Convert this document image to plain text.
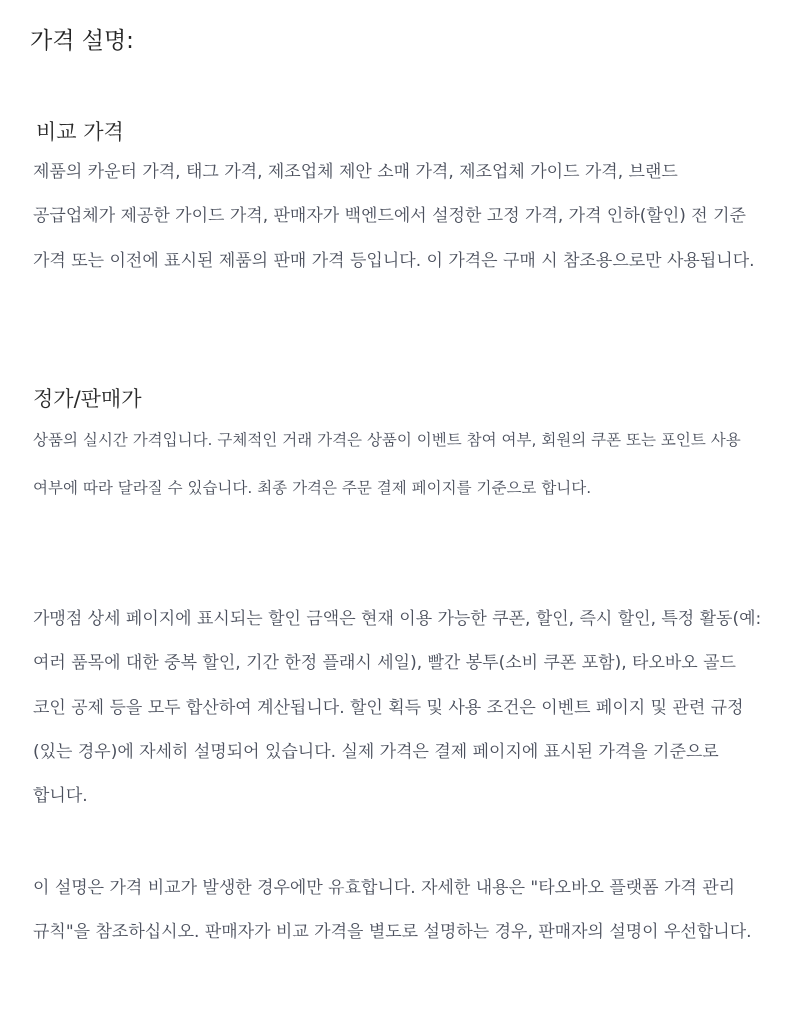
가격 설명:
비교 가격

제품의 카운터 가격, 태그 가격, 제조업체 제안 소매 가격, 제조업체 가이드 가격, 브랜드 공급업체가 제공한 가이드 가격, 판매자가 백엔드에서 설정한 고정 가격, 가격 인하(할인) 전 기준 가격 또는 이전에 표시된 제품의 판매 가격 등입니다. 이 가격은 구매 시 참조용으로만 사용됩니다.

정가/판매가

상품의 실시간 가격입니다. 구체적인 거래 가격은 상품이 이벤트 참여 여부, 회원의 쿠폰 또는 포인트 사용 여부에 따라 달라질 수 있습니다. 최종 가격은 주문 결제 페이지를 기준으로 합니다.

가맹점 상세 페이지에 표시되는 할인 금액은 현재 이용 가능한 쿠폰, 할인, 즉시 할인, 특정 활동(예: 여러 품목에 대한 중복 할인, 기간 한정 플래시 세일), 빨간 봉투(소비 쿠폰 포함), 타오바오 골드 코인 공제 등을 모두 합산하여 계산됩니다. 할인 획득 및 사용 조건은 이벤트 페이지 및 관련 규정(있는 경우)에 자세히 설명되어 있습니다. 실제 가격은 결제 페이지에 표시된 가격을 기준으로 합니다.

이 설명은 가격 비교가 발생한 경우에만 유효합니다. 자세한 내용은 "타오바오 플랫폼 가격 관리 규칙"을 참조하십시오. 판매자가 비교 가격을 별도로 설명하는 경우, 판매자의 설명이 우선합니다.
